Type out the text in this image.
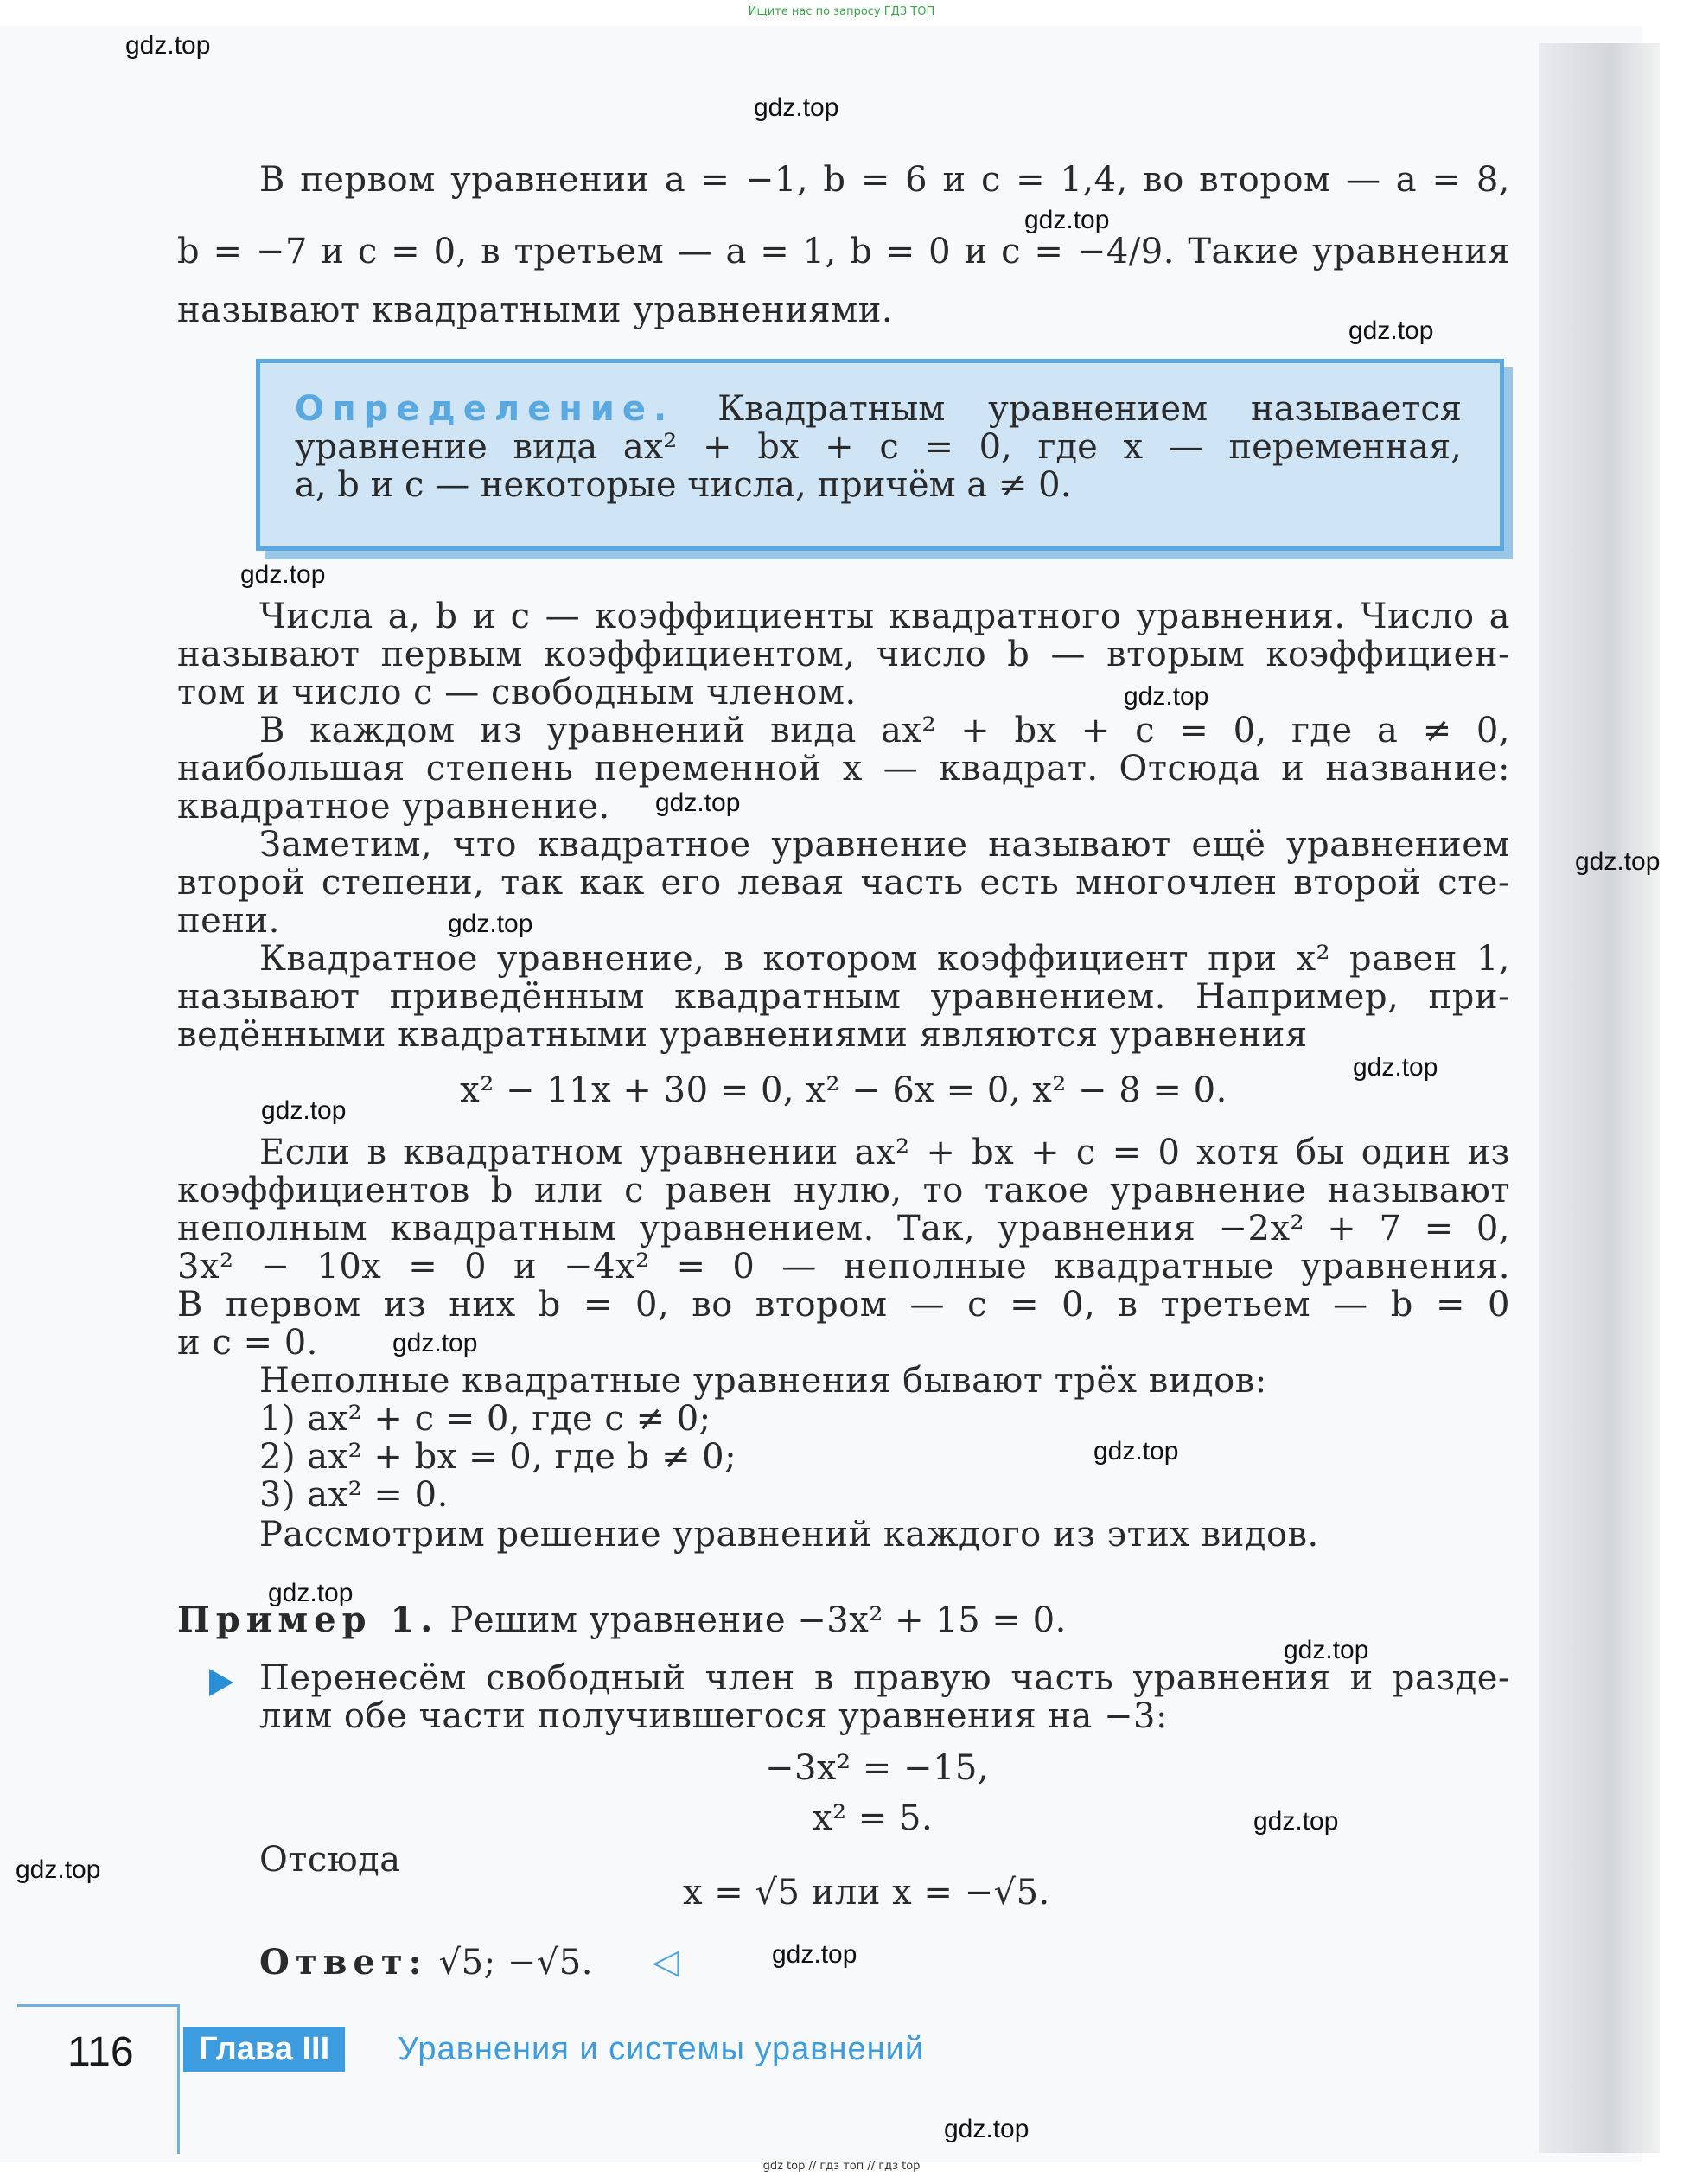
Ищите нас по запросу ГДЗ ТОП
gdz.top
gdz.top
gdz.top
gdz.top
gdz.top
gdz.top
gdz.top
gdz.top
gdz.top
gdz.top
gdz.top
gdz.top
gdz.top
gdz.top
gdz.top
gdz.top
gdz.top
gdz.top
gdz.top
В первом уравнении a = −1, b = 6 и c = 1,4, во втором — a = 8,
b = −7 и c = 0, в третьем — a = 1, b = 0 и c = −4/9. Такие уравнения
называют квадратными уравнениями.
Определение. Квадратным уравнением называется
уравнение вида ax² + bx + c = 0, где x — переменная,
a, b и c — некоторые числа, причём a ≠ 0.
Числа a, b и c — коэффициенты квадратного уравнения. Число a
называют первым коэффициентом, число b — вторым коэффициен-
том и число c — свободным членом.
В каждом из уравнений вида ax² + bx + c = 0, где a ≠ 0,
наибольшая степень переменной x — квадрат. Отсюда и название:
квадратное уравнение.
Заметим, что квадратное уравнение называют ещё уравнением
второй степени, так как его левая часть есть многочлен второй сте-
пени.
Квадратное уравнение, в котором коэффициент при x² равен 1,
называют приведённым квадратным уравнением. Например, при-
ведёнными квадратными уравнениями являются уравнения
x² − 11x + 30 = 0, x² − 6x = 0, x² − 8 = 0.
Если в квадратном уравнении ax² + bx + c = 0 хотя бы один из
коэффициентов b или c равен нулю, то такое уравнение называют
неполным квадратным уравнением. Так, уравнения −2x² + 7 = 0,
3x² − 10x = 0 и −4x² = 0 — неполные квадратные уравнения.
В первом из них b = 0, во втором — c = 0, в третьем — b = 0
и c = 0.
Неполные квадратные уравнения бывают трёх видов:
1) ax² + c = 0, где c ≠ 0;
2) ax² + bx = 0, где b ≠ 0;
3) ax² = 0.
Рассмотрим решение уравнений каждого из этих видов.
Пример 1. Решим уравнение −3x² + 15 = 0.
Перенесём свободный член в правую часть уравнения и разде-
лим обе части получившегося уравнения на −3:
−3x² = −15,
x² = 5.
Отсюда
x = √5 или x = −√5.
Ответ: √5; −√5.	◁
116	Глава III	Уравнения и системы уравнений
gdz top // гдз топ // гдз top
